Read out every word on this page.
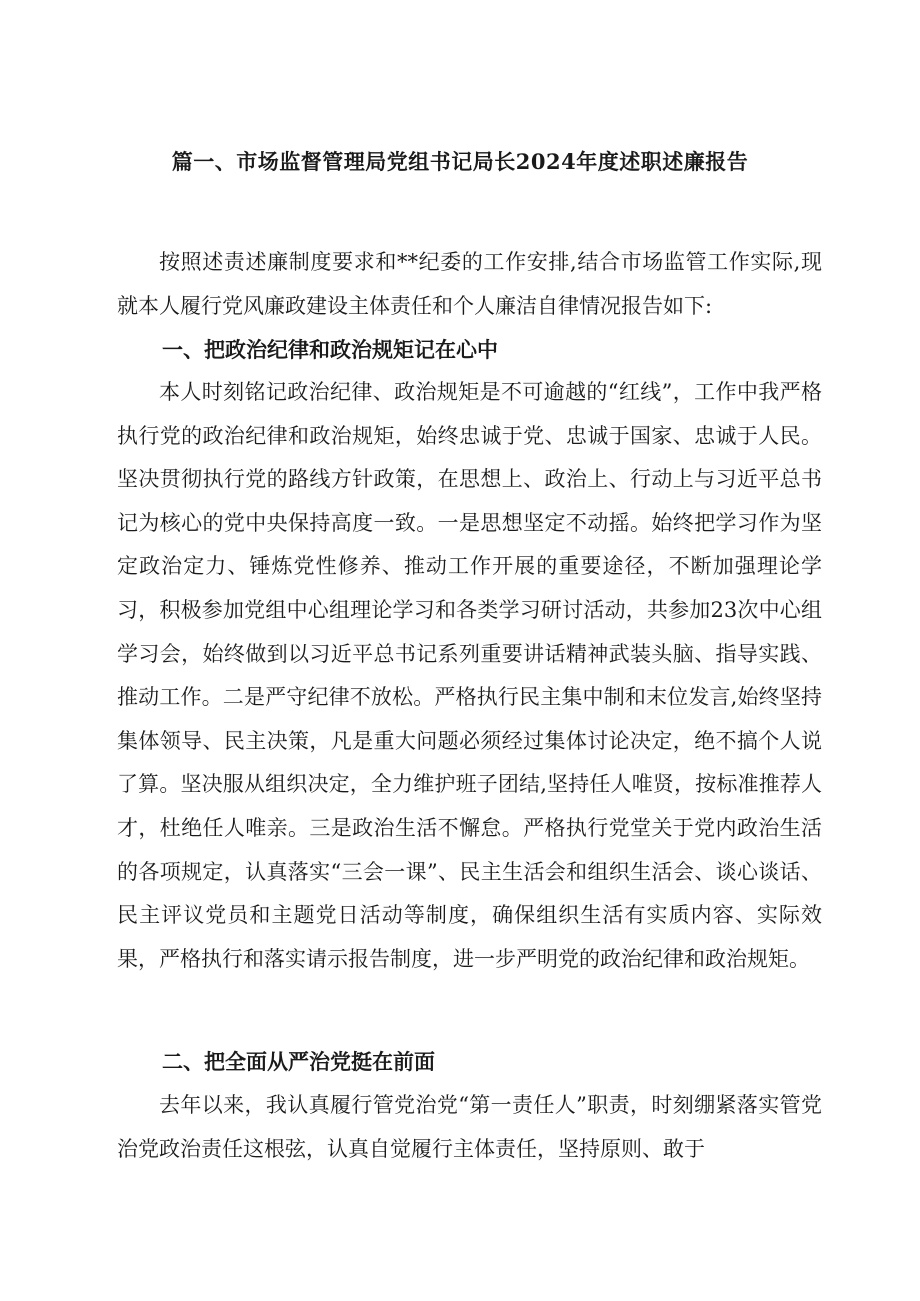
篇一、市场监督管理局党组书记局长2024年度述职述廉报告

按照述责述廉制度要求和**纪委的工作安排,结合市场监管工作实际,现就本人履行党风廉政建设主体责任和个人廉洁自律情况报告如下:

一、把政治纪律和政治规矩记在心中

本人时刻铭记政治纪律、政治规矩是不可逾越的“红线”，工作中我严格执行党的政治纪律和政治规矩，始终忠诚于党、忠诚于国家、忠诚于人民。坚决贯彻执行党的路线方针政策，在思想上、政治上、行动上与习近平总书记为核心的党中央保持高度一致。一是思想坚定不动摇。始终把学习作为坚定政治定力、锤炼党性修养、推动工作开展的重要途径，不断加强理论学习，积极参加党组中心组理论学习和各类学习研讨活动，共参加23次中心组学习会，始终做到以习近平总书记系列重要讲话精神武装头脑、指导实践、推动工作。二是严守纪律不放松。严格执行民主集中制和末位发言,始终坚持集体领导、民主决策，凡是重大问题必须经过集体讨论决定，绝不搞个人说了算。坚决服从组织决定，全力维护班子团结,坚持任人唯贤，按标准推荐人才，杜绝任人唯亲。三是政治生活不懈怠。严格执行党堂关于党内政治生活的各项规定，认真落实“三会一课”、民主生活会和组织生活会、谈心谈话、民主评议党员和主题党日活动等制度，确保组织生活有实质内容、实际效果，严格执行和落实请示报告制度，进一步严明党的政治纪律和政治规矩。

二、把全面从严治党挺在前面

去年以来，我认真履行管党治党“第一责任人”职责，时刻绷紧落实管党治党政治责任这根弦，认真自觉履行主体责任，坚持原则、敢于
